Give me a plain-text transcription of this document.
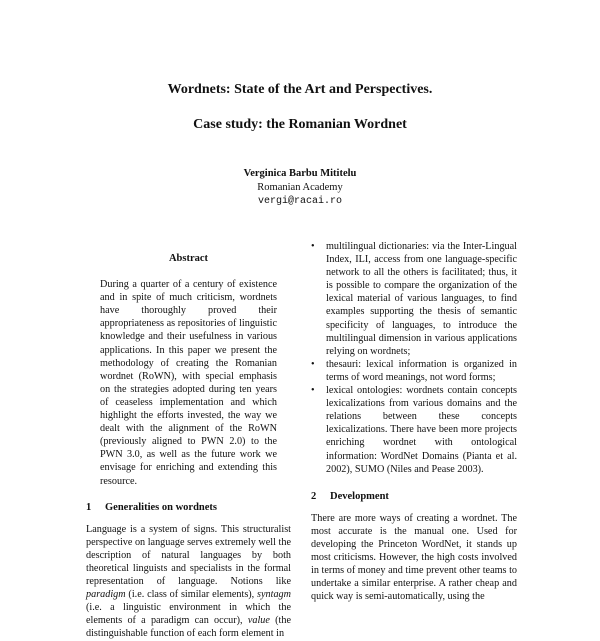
Wordnets: State of the Art and Perspectives.
Case study: the Romanian Wordnet
Verginica Barbu Mititelu
Romanian Academy
vergi@racai.ro
Abstract

During a quarter of a century of existence and in spite of much criticism, wordnets have thoroughly proved their appropriateness as repositories of linguistic knowledge and their usefulness in various applications. In this paper we present the methodology of creating the Romanian wordnet (RoWN), with special emphasis on the strategies adopted during ten years of ceaseless implementation and which highlight the efforts invested, the way we dealt with the alignment of the RoWN (previously aligned to PWN 2.0) to the PWN 3.0, as well as the future work we envisage for enriching and extending this resource.

1	Generalities on wordnets

Language is a system of signs. This structuralist perspective on language serves extremely well the description of natural languages by both theoretical linguists and specialists in the formal representation of language. Notions like paradigm (i.e. class of similar elements), syntagm (i.e. a linguistic environment in which the elements of a paradigm can occur), value (the distinguishable function of each form element in

• multilingual dictionaries: via the Inter-Lingual Index, ILI, access from one language-specific network to all the others is facilitated; thus, it is possible to compare the organization of the lexical material of various languages, to find examples supporting the thesis of semantic specificity of languages, to introduce the multilingual dimension in various applications relying on wordnets;
• thesauri: lexical information is organized in terms of word meanings, not word forms;
• lexical ontologies: wordnets contain concepts lexicalizations from various domains and the relations between these concepts lexicalizations. There have been more projects enriching wordnet with ontological information: WordNet Domains (Pianta et al. 2002), SUMO (Niles and Pease 2003).
2	Development

There are more ways of creating a wordnet. The most accurate is the manual one. Used for developing the Princeton WordNet, it stands up most criticisms. However, the high costs involved in terms of money and time prevent other teams to undertake a similar enterprise. A rather cheap and quick way is semi-automatically, using the
